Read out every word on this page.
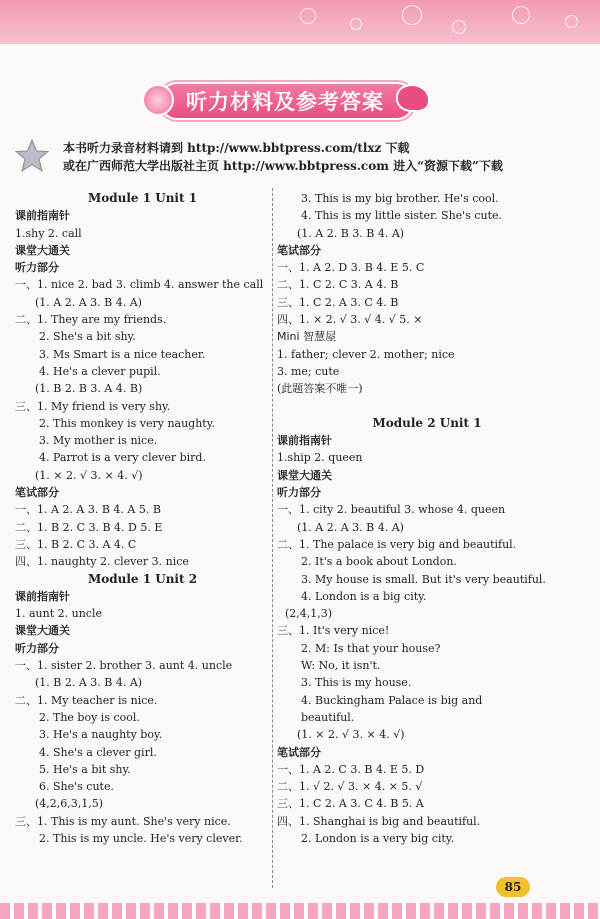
听力材料及参考答案
本书听力录音材料请到 http://www.bbtpress.com/tlxz 下载
或在广西师范大学出版社主页 http://www.bbtpress.com 进入“资源下载”下载
Module 1 Unit 1
课前指南针
1.shy 2. call
课堂大通关
听力部分
一、1. nice 2. bad 3. climb 4. answer the call
(1. A 2. A 3. B 4. A)
二、1. They are my friends.
2. She's a bit shy.
3. Ms Smart is a nice teacher.
4. He's a clever pupil.
(1. B 2. B 3. A 4. B)
三、1. My friend is very shy.
2. This monkey is very naughty.
3. My mother is nice.
4. Parrot is a very clever bird.
(1. × 2. √ 3. × 4. √)
笔试部分
一、1. A 2. A 3. B 4. A 5. B
二、1. B 2. C 3. B 4. D 5. E
三、1. B 2. C 3. A 4. C
四、1. naughty 2. clever 3. nice
Module 1 Unit 2
课前指南针
1. aunt 2. uncle
课堂大通关
听力部分
一、1. sister 2. brother 3. aunt 4. uncle
(1. B 2. A 3. B 4. A)
二、1. My teacher is nice.
2. The boy is cool.
3. He's a naughty boy.
4. She's a clever girl.
5. He's a bit shy.
6. She's cute.
(4,2,6,3,1,5)
三、1. This is my aunt. She's very nice.
2. This is my uncle. He's very clever.
3. This is my big brother. He's cool.
4. This is my little sister. She's cute.
(1. A 2. B 3. B 4. A)
笔试部分
一、1. A 2. D 3. B 4. E 5. C
二、1. C 2. C 3. A 4. B
三、1. C 2. A 3. C 4. B
四、1. × 2. √ 3. √ 4. √ 5. ×
Mini 智慧屋
1. father; clever 2. mother; nice
3. me; cute
(此题答案不唯一)
Module 2 Unit 1
课前指南针
1.ship 2. queen
课堂大通关
听力部分
一、1. city 2. beautiful 3. whose 4. queen
(1. A 2. A 3. B 4. A)
二、1. The palace is very big and beautiful.
2. It's a book about London.
3. My house is small. But it's very beautiful.
4. London is a big city.
(2,4,1,3)
三、1. It's very nice!
2. M: Is that your house?
W: No, it isn't.
3. This is my house.
4. Buckingham Palace is big and
beautiful.
(1. × 2. √ 3. × 4. √)
笔试部分
一、1. A 2. C 3. B 4. E 5. D
二、1. √ 2. √ 3. × 4. × 5. √
三、1. C 2. A 3. C 4. B 5. A
四、1. Shanghai is big and beautiful.
2. London is a very big city.
85
